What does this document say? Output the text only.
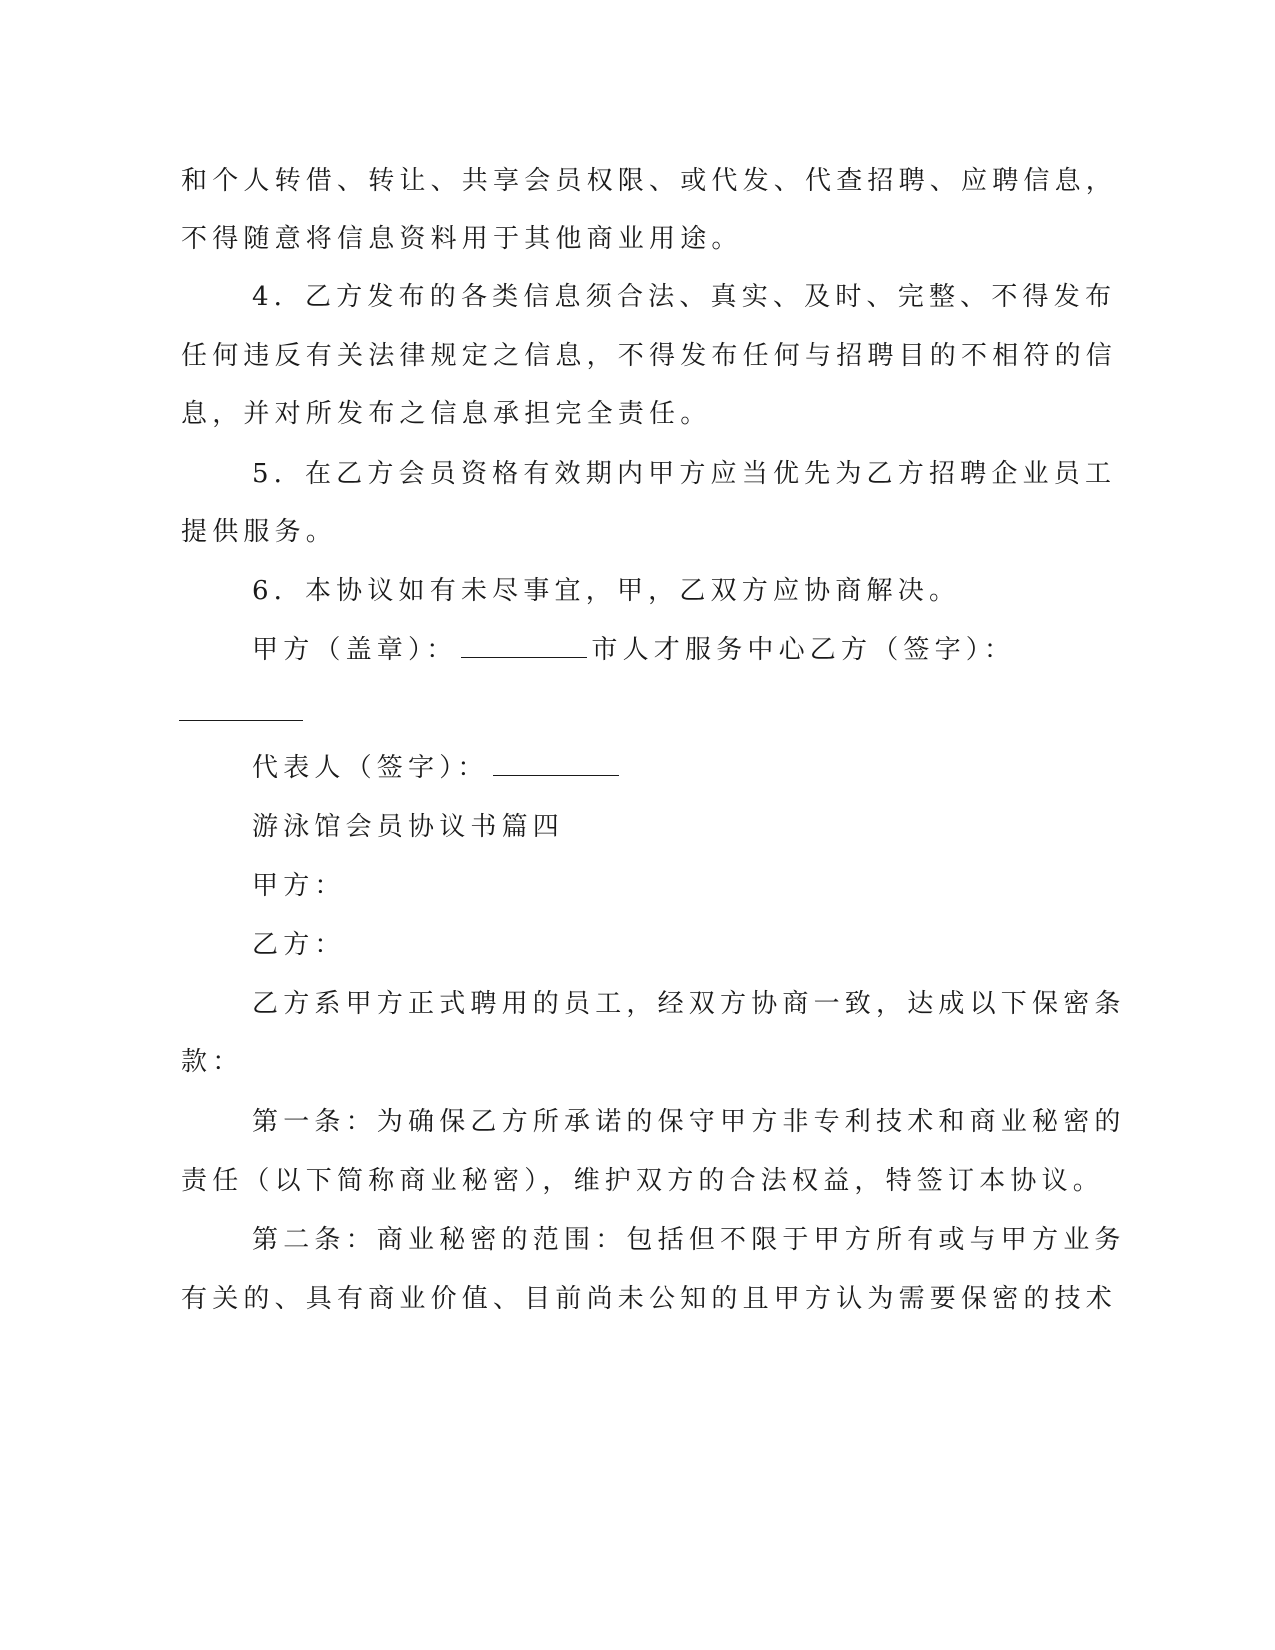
和个人转借、转让、共享会员权限、或代发、代查招聘、应聘信息，
不得随意将信息资料用于其他商业用途。
4．乙方发布的各类信息须合法、真实、及时、完整、不得发布
任何违反有关法律规定之信息，不得发布任何与招聘目的不相符的信
息，并对所发布之信息承担完全责任。
5．在乙方会员资格有效期内甲方应当优先为乙方招聘企业员工
提供服务。
6．本协议如有未尽事宜，甲，乙双方应协商解决。
甲方（盖章）：	市人才服务中心乙方（签字）：
代表人（签字）：
游泳馆会员协议书篇四
甲方：
乙方：
乙方系甲方正式聘用的员工，经双方协商一致，达成以下保密条
款：
第一条：为确保乙方所承诺的保守甲方非专利技术和商业秘密的
责任（以下简称商业秘密），维护双方的合法权益，特签订本协议。
第二条：商业秘密的范围：包括但不限于甲方所有或与甲方业务
有关的、具有商业价值、目前尚未公知的且甲方认为需要保密的技术
